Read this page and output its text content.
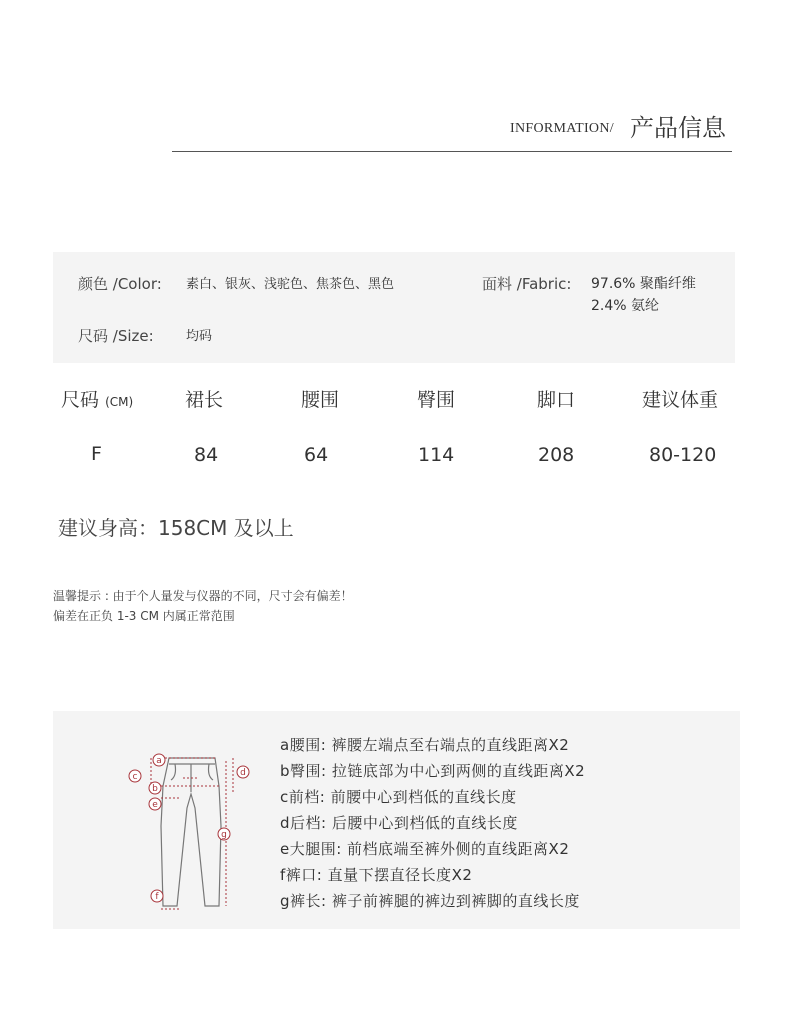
INFORMATION/ 产品信息
颜色 /Color: 素白、银灰、浅驼色、焦茶色、黑色	面料 /Fabric: 97.6% 聚酯纤维
2.4% 氨纶
尺码 /Size: 均码
尺码 (CM)	裙长	腰围	臀围	脚口	建议体重
F	84	64	114	208	80-120
建议身高：158CM 及以上
温馨提示 : 由于个人量发与仪器的不同，尺寸会有偏差！
偏差在正负 1-3 CM 内属正常范围
a
b
c	d
e
f
g
a腰围: 裤腰左端点至右端点的直线距离X2
b臀围: 拉链底部为中心到两侧的直线距离X2
c前档: 前腰中心到档低的直线长度
d后档: 后腰中心到档低的直线长度
e大腿围: 前档底端至裤外侧的直线距离X2
f裤口: 直量下摆直径长度X2
g裤长: 裤子前裤腿的裤边到裤脚的直线长度
